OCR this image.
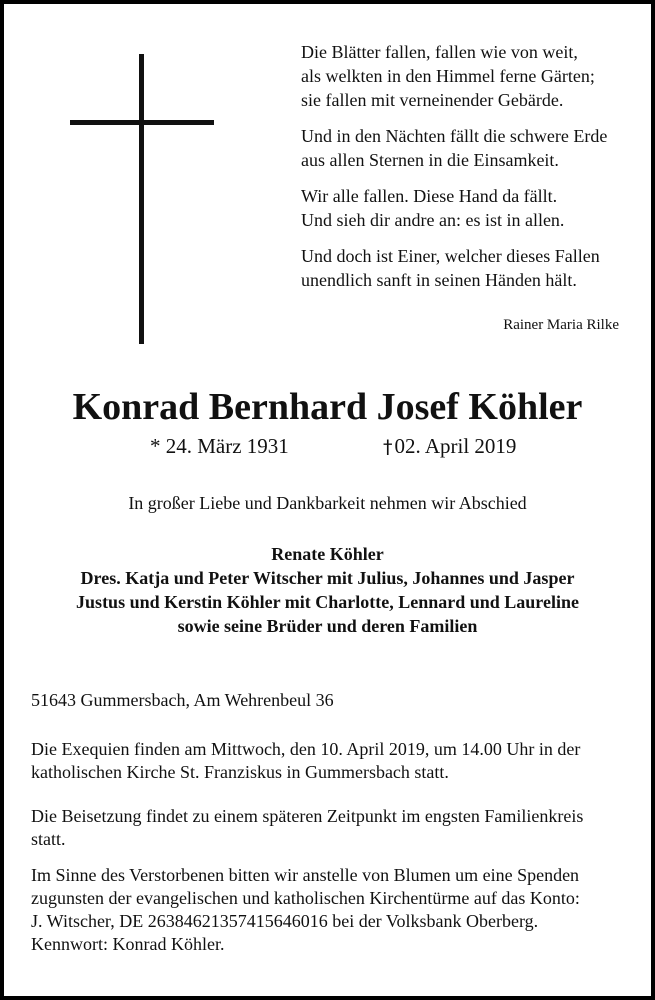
Die Blätter fallen, fallen wie von weit,
als welkten in den Himmel ferne Gärten;
sie fallen mit verneinender Gebärde.
Und in den Nächten fällt die schwere Erde
aus allen Sternen in die Einsamkeit.
Wir alle fallen. Diese Hand da fällt.
Und sieh dir andre an: es ist in allen.
Und doch ist Einer, welcher dieses Fallen
unendlich sanft in seinen Händen hält.
Rainer Maria Rilke
Konrad Bernhard Josef Köhler
* 24. März 1931	†02. April 2019
In großer Liebe und Dankbarkeit nehmen wir Abschied
Renate Köhler
Dres. Katja und Peter Witscher mit Julius, Johannes und Jasper
Justus und Kerstin Köhler mit Charlotte, Lennard und Laureline
sowie seine Brüder und deren Familien
51643 Gummersbach, Am Wehrenbeul 36
Die Exequien finden am Mittwoch, den 10. April 2019, um 14.00 Uhr in der
katholischen Kirche St. Franziskus in Gummersbach statt.
Die Beisetzung findet zu einem späteren Zeitpunkt im engsten Familienkreis
statt.
Im Sinne des Verstorbenen bitten wir anstelle von Blumen um eine Spenden
zugunsten der evangelischen und katholischen Kirchentürme auf das Konto:
J. Witscher, DE 26384621357415646016 bei der Volksbank Oberberg.
Kennwort: Konrad Köhler.
